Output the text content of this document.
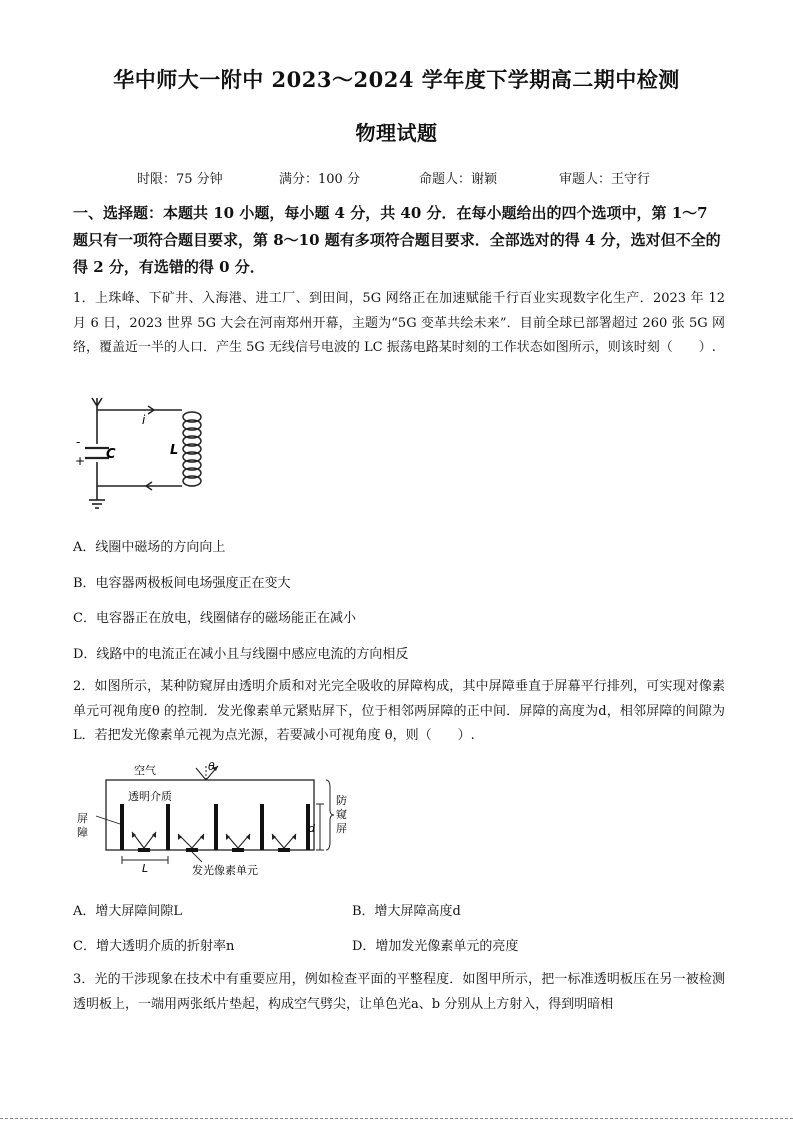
华中师大一附中 2023～2024 学年度下学期高二期中检测
物理试题
时限：75 分钟	满分：100 分	命题人：谢颖	审题人：王守行
一、选择题：本题共 10 小题，每小题 4 分，共 40 分．在每小题给出的四个选项中，第 1～7 题只有一项符合题目要求，第 8～10 题有多项符合题目要求．全部选对的得 4 分，选对但不全的得 2 分，有选错的得 0 分．
1．上珠峰、下矿井、入海港、进工厂、到田间，5G 网络正在加速赋能千行百业实现数字化生产．2023 年 12 月 6 日，2023 世界 5G 大会在河南郑州开幕，主题为“5G 变革共绘未来”．目前全球已部署超过 260 张 5G 网络，覆盖近一半的人口．产生 5G 无线信号电波的 LC 振荡电路某时刻的工作状态如图所示，则该时刻（　　）.
i
L
C
-
+
A．线圈中磁场的方向向上
B．电容器两极板间电场强度正在变大
C．电容器正在放电，线圈储存的磁场能正在减小
D．线路中的电流正在减小且与线圈中感应电流的方向相反
2．如图所示，某种防窥屏由透明介质和对光完全吸收的屏障构成，其中屏障垂直于屏幕平行排列，可实现对像素单元可视角度θ 的控制．发光像素单元紧贴屏下，位于相邻两屏障的正中间．屏障的高度为d，相邻屏障的间隙为L．若把发光像素单元视为点光源，若要减小可视角度 θ，则（　　）.
空气	θ
透明介质
屏障
防窥屏
d
L	发光像素单元
A．增大屏障间隙L	B．增大屏障高度d
C．增大透明介质的折射率n	D．增加发光像素单元的亮度
3．光的干涉现象在技术中有重要应用，例如检查平面的平整程度．如图甲所示，把一标准透明板压在另一被检测透明板上，一端用两张纸片垫起，构成空气劈尖，让单色光a、b 分别从上方射入，得到明暗相
